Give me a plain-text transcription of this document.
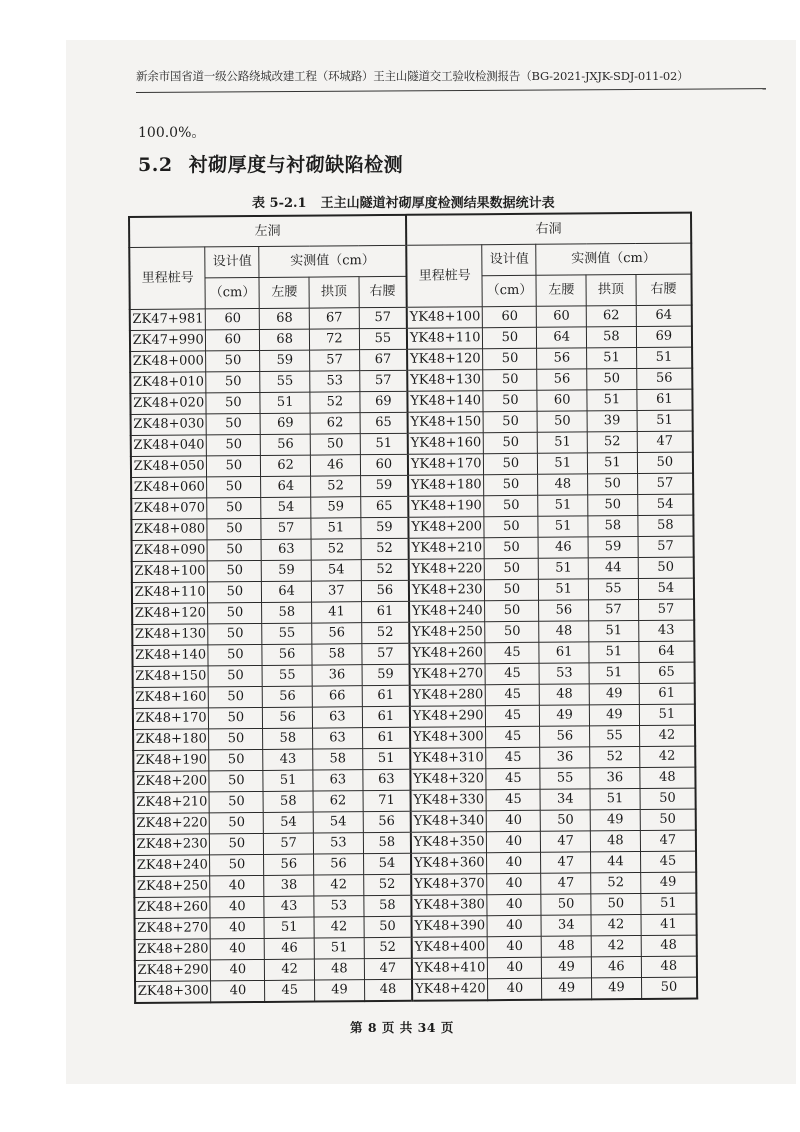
新余市国省道一级公路绕城改建工程（环城路）王主山隧道交工验收检测报告（BG-2021-JXJK-SDJ-011-02）
100.0%。
5.2 衬砌厚度与衬砌缺陷检测
表 5-2.1 王主山隧道衬砌厚度检测结果数据统计表
左洞					右洞				
里程桩号	设计值	实测值（cm）			里程桩号	设计值	实测值（cm）		
	（cm）	左腰	拱顶	右腰		（cm）	左腰	拱顶	右腰
ZK47+981	60	68	67	57	YK48+100	60	60	62	64
ZK47+990	60	68	72	55	YK48+110	50	64	58	69
ZK48+000	50	59	57	67	YK48+120	50	56	51	51
ZK48+010	50	55	53	57	YK48+130	50	56	50	56
ZK48+020	50	51	52	69	YK48+140	50	60	51	61
ZK48+030	50	69	62	65	YK48+150	50	50	39	51
ZK48+040	50	56	50	51	YK48+160	50	51	52	47
ZK48+050	50	62	46	60	YK48+170	50	51	51	50
ZK48+060	50	64	52	59	YK48+180	50	48	50	57
ZK48+070	50	54	59	65	YK48+190	50	51	50	54
ZK48+080	50	57	51	59	YK48+200	50	51	58	58
ZK48+090	50	63	52	52	YK48+210	50	46	59	57
ZK48+100	50	59	54	52	YK48+220	50	51	44	50
ZK48+110	50	64	37	56	YK48+230	50	51	55	54
ZK48+120	50	58	41	61	YK48+240	50	56	57	57
ZK48+130	50	55	56	52	YK48+250	50	48	51	43
ZK48+140	50	56	58	57	YK48+260	45	61	51	64
ZK48+150	50	55	36	59	YK48+270	45	53	51	65
ZK48+160	50	56	66	61	YK48+280	45	48	49	61
ZK48+170	50	56	63	61	YK48+290	45	49	49	51
ZK48+180	50	58	63	61	YK48+300	45	56	55	42
ZK48+190	50	43	58	51	YK48+310	45	36	52	42
ZK48+200	50	51	63	63	YK48+320	45	55	36	48
ZK48+210	50	58	62	71	YK48+330	45	34	51	50
ZK48+220	50	54	54	56	YK48+340	40	50	49	50
ZK48+230	50	57	53	58	YK48+350	40	47	48	47
ZK48+240	50	56	56	54	YK48+360	40	47	44	45
ZK48+250	40	38	42	52	YK48+370	40	47	52	49
ZK48+260	40	43	53	58	YK48+380	40	50	50	51
ZK48+270	40	51	42	50	YK48+390	40	34	42	41
ZK48+280	40	46	51	52	YK48+400	40	48	42	48
ZK48+290	40	42	48	47	YK48+410	40	49	46	48
ZK48+300	40	45	49	48	YK48+420	40	49	49	50
第 8 页 共 34 页
